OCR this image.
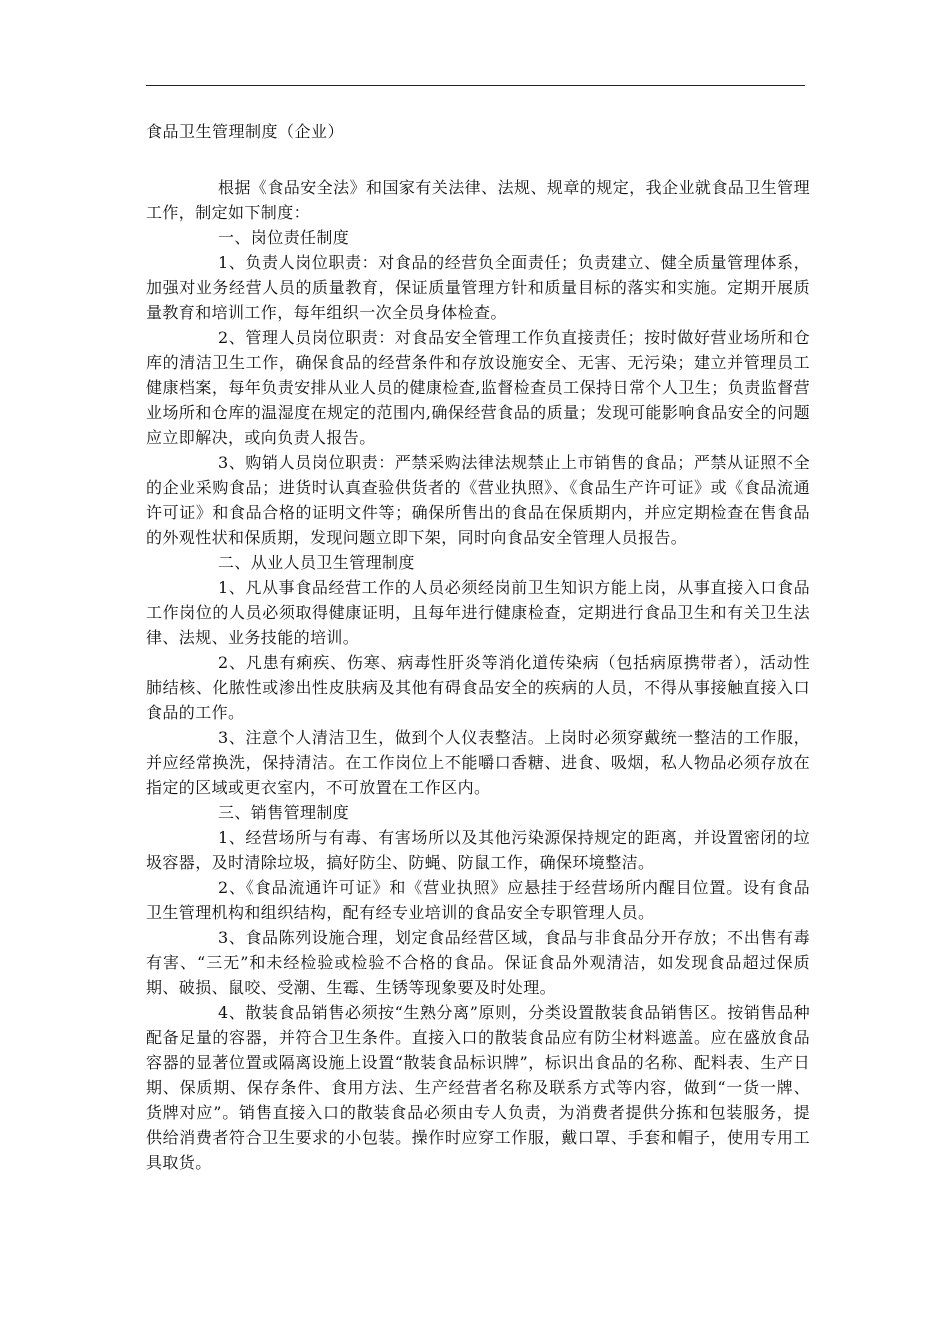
食品卫生管理制度（企业）

根据《食品安全法》和国家有关法律、法规、规章的规定，我企业就食品卫生管理工作，制定如下制度：

一、岗位责任制度

1、负责人岗位职责：对食品的经营负全面责任；负责建立、健全质量管理体系，加强对业务经营人员的质量教育，保证质量管理方针和质量目标的落实和实施。定期开展质量教育和培训工作，每年组织一次全员身体检查。

2、管理人员岗位职责：对食品安全管理工作负直接责任；按时做好营业场所和仓库的清洁卫生工作，确保食品的经营条件和存放设施安全、无害、无污染；建立并管理员工健康档案，每年负责安排从业人员的健康检查,监督检查员工保持日常个人卫生；负责监督营业场所和仓库的温湿度在规定的范围内,确保经营食品的质量；发现可能影响食品安全的问题应立即解决，或向负责人报告。

3、购销人员岗位职责：严禁采购法律法规禁止上市销售的食品；严禁从证照不全的企业采购食品；进货时认真查验供货者的《营业执照》、《食品生产许可证》或《食品流通许可证》和食品合格的证明文件等；确保所售出的食品在保质期内，并应定期检查在售食品的外观性状和保质期，发现问题立即下架，同时向食品安全管理人员报告。

二、从业人员卫生管理制度

1、凡从事食品经营工作的人员必须经岗前卫生知识方能上岗，从事直接入口食品工作岗位的人员必须取得健康证明，且每年进行健康检查，定期进行食品卫生和有关卫生法律、法规、业务技能的培训。

2、凡患有痢疾、伤寒、病毒性肝炎等消化道传染病（包括病原携带者），活动性肺结核、化脓性或渗出性皮肤病及其他有碍食品安全的疾病的人员，不得从事接触直接入口食品的工作。

3、注意个人清洁卫生，做到个人仪表整洁。上岗时必须穿戴统一整洁的工作服，并应经常换洗，保持清洁。在工作岗位上不能嚼口香糖、进食、吸烟，私人物品必须存放在指定的区域或更衣室内，不可放置在工作区内。

三、销售管理制度

1、经营场所与有毒、有害场所以及其他污染源保持规定的距离，并设置密闭的垃圾容器，及时清除垃圾，搞好防尘、防蝇、防鼠工作，确保环境整洁。

2、《食品流通许可证》和《营业执照》应悬挂于经营场所内醒目位置。设有食品卫生管理机构和组织结构，配有经专业培训的食品安全专职管理人员。

3、食品陈列设施合理，划定食品经营区域，食品与非食品分开存放；不出售有毒有害、“三无”和未经检验或检验不合格的食品。保证食品外观清洁，如发现食品超过保质期、破损、鼠咬、受潮、生霉、生锈等现象要及时处理。

4、散装食品销售必须按“生熟分离”原则，分类设置散装食品销售区。按销售品种配备足量的容器，并符合卫生条件。直接入口的散装食品应有防尘材料遮盖。应在盛放食品容器的显著位置或隔离设施上设置“散装食品标识牌”，标识出食品的名称、配料表、生产日期、保质期、保存条件、食用方法、生产经营者名称及联系方式等内容，做到“一货一牌、货牌对应”。销售直接入口的散装食品必须由专人负责，为消费者提供分拣和包装服务，提供给消费者符合卫生要求的小包装。操作时应穿工作服，戴口罩、手套和帽子，使用专用工具取货。
